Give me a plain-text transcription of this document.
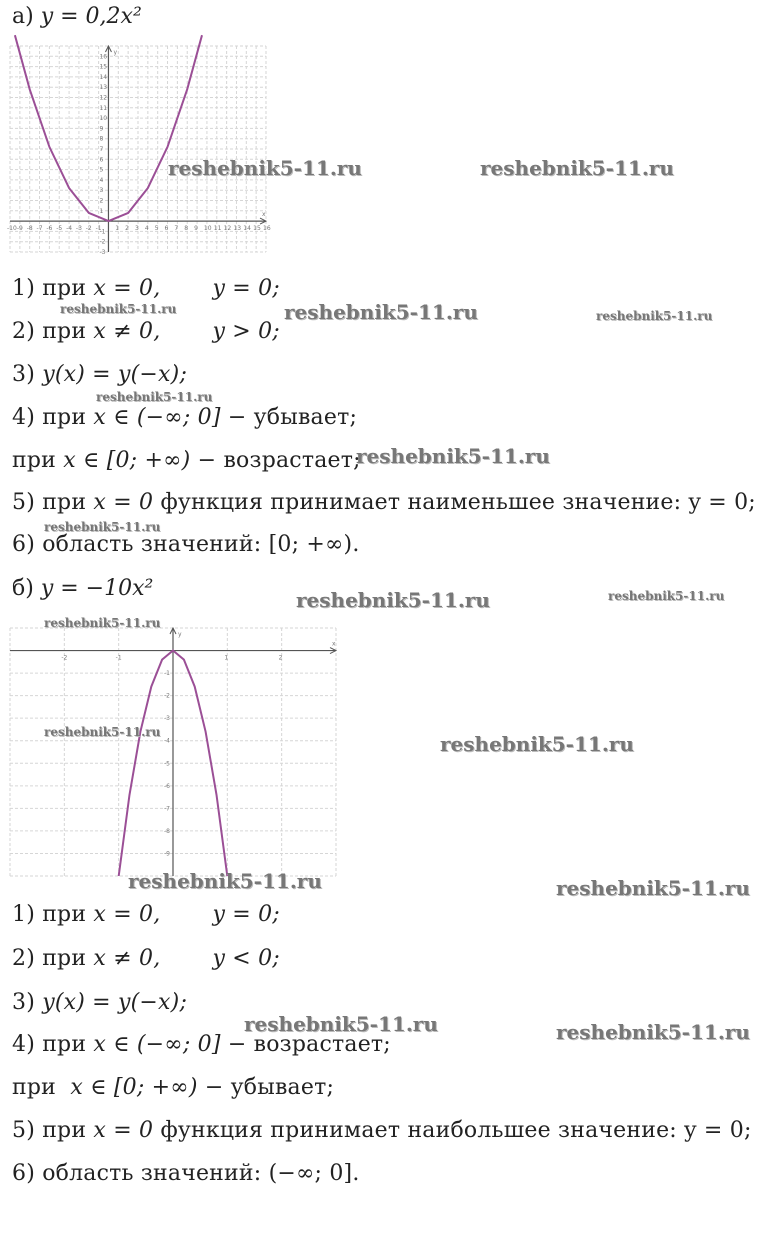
а) y = 0,2x²
x
y
-10 -9 -8 -7 -6 -5 -4 -3 -2 -1 1 2 3 4 5 6 7 8 9 10 11 12 13 14 15 16
1
2
3
4
5
6
7
8
9
10
11
12
13
14
15
16
-1
-2
-3
1) при x = 0, y = 0;
2) при x ≠ 0, y > 0;
3) y(x) = y(−x);
4) при x ∈ (−∞; 0] − убывает;
при x ∈ [0; +∞) − возрастает;
5) при x = 0 функция принимает наименьшее значение: y = 0;
6) область значений: [0; +∞).
б) y = −10x²
x
y
-2	-1	1	2
-1
-2
-3
-4
-5
-6
-7
-8
-9
1) при x = 0, y = 0;
2) при x ≠ 0, y < 0;
3) y(x) = y(−x);
4) при x ∈ (−∞; 0] − возрастает;
при x ∈ [0; +∞) − убывает;
5) при x = 0 функция принимает наибольшее значение: y = 0;
6) область значений: (−∞; 0].
reshebnik5-11.ru	reshebnik5-11.ru
reshebnik5-11.ru
reshebnik5-11.ru	reshebnik5-11.ru
reshebnik5-11.ru
reshebnik5-11.ru
reshebnik5-11.ru
reshebnik5-11.ru	reshebnik5-11.ru
reshebnik5-11.ru
reshebnik5-11.ru	reshebnik5-11.ru
reshebnik5-11.ru	reshebnik5-11.ru
reshebnik5-11.ru	reshebnik5-11.ru
